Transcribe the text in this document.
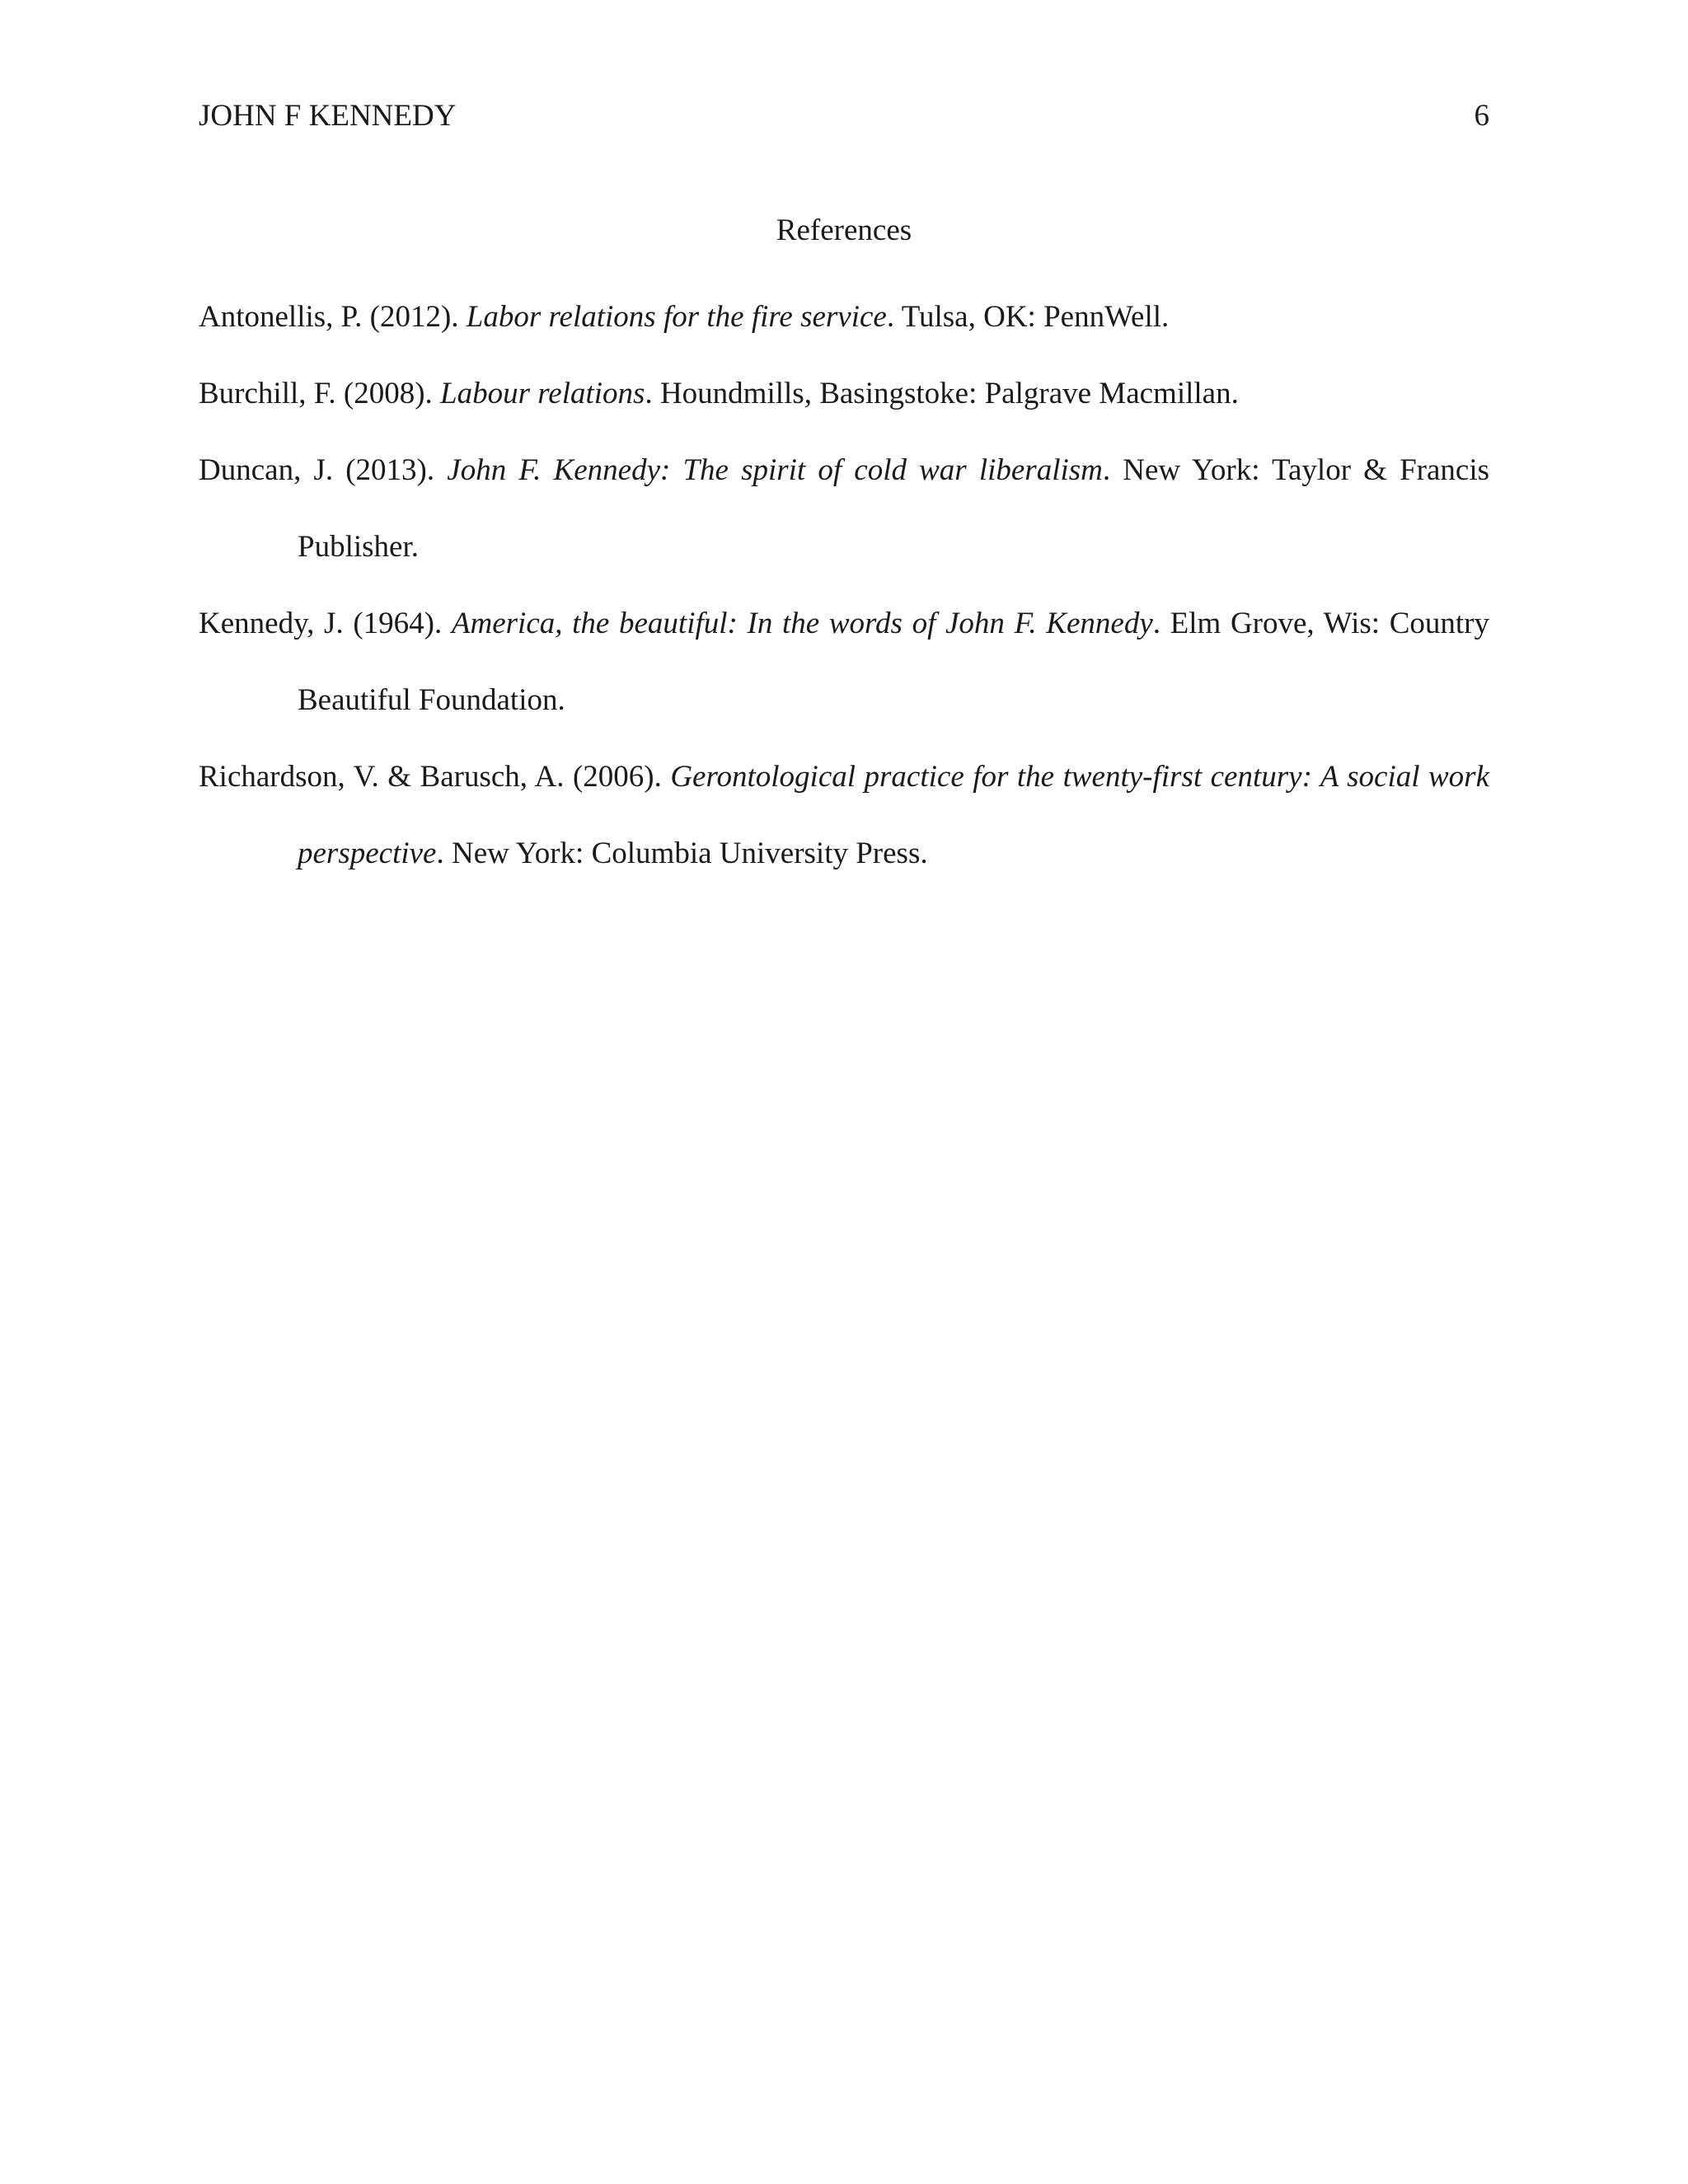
JOHN F KENNEDY	6
References
Antonellis, P. (2012). Labor relations for the fire service. Tulsa, OK: PennWell.
Burchill, F. (2008). Labour relations. Houndmills, Basingstoke: Palgrave Macmillan.
Duncan, J. (2013). John F. Kennedy: The spirit of cold war liberalism. New York: Taylor & Francis Publisher.
Kennedy, J. (1964). America, the beautiful: In the words of John F. Kennedy. Elm Grove, Wis: Country Beautiful Foundation.
Richardson, V. & Barusch, A. (2006). Gerontological practice for the twenty-first century: A social work perspective. New York: Columbia University Press.
